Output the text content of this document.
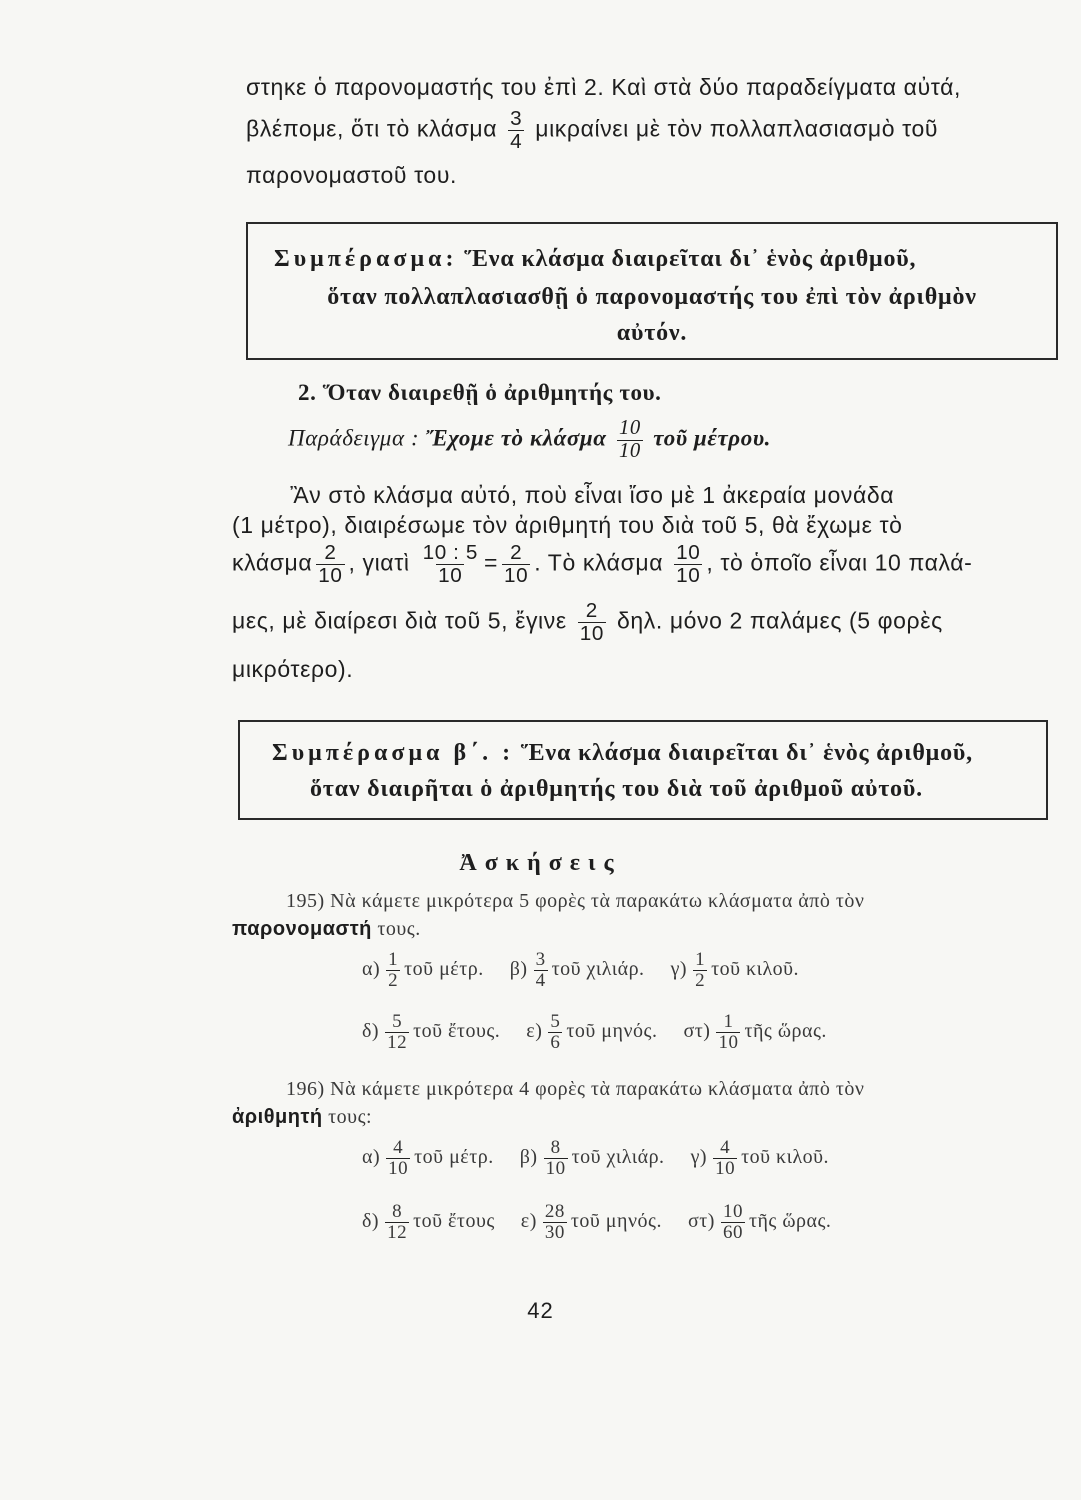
στηκε ὁ παρονομαστής του ἐπὶ 2. Καὶ στὰ δύο παραδείγματα αὐτά,
βλέπομε, ὅτι τὸ κλάσμα $\frac{3}{4}$ μικραίνει μὲ τὸν πολλαπλασιασμὸ τοῦ
παρονομαστοῦ του.
Συμπέρασμα: Ἕνα κλάσμα διαιρεῖται δι᾽ ἑνὸς ἀριθμοῦ,
ὅταν πολλαπλασιασθῇ ὁ παρονομαστής του ἐπὶ τὸν ἀριθμὸν
αὐτόν.
2. Ὅταν διαιρεθῇ ὁ ἀριθμητής του.
Παράδειγμα : Ἔχομε τὸ κλάσμα $\frac{10}{10}$ τοῦ μέτρου.
Ἂν στὸ κλάσμα αὐτό, ποὺ εἶναι ἴσο μὲ 1 ἀκεραία μονάδα
(1 μέτρο), διαιρέσωμε τὸν ἀριθμητή του διὰ τοῦ 5, θὰ ἔχωμε τὸ
κλάσμα $\frac{2}{10}$ , γιατὶ $\frac{10 : 5}{10} = \frac{2}{10}$ . Τὸ κλάσμα $\frac{10}{10}$ , τὸ ὁποῖο εἶναι 10 παλά-
μες, μὲ διαίρεσι διὰ τοῦ 5, ἔγινε $\frac{2}{10} \delta\eta\lambda$. μόνο 2 παλάμες (5 φορὲς
μικρότερο).
Συμπέρασμα β΄. : Ἕνα κλάσμα διαιρεῖται δι᾽ ἑνὸς ἀριθμοῦ,
ὅταν διαιρῆται ὁ ἀριθμητής του διὰ τοῦ ἀριθμοῦ αὐτοῦ.
Ἀσκήσεις
195) Νὰ κάμετε μικρότερα 5 φορὲς τὰ παρακάτω κλάσματα ἀπὸ τὸν
παρονομαστή τους.
$\alpha) \frac{1}{2}$ τοῦ μέτρ. $\beta) \frac{3}{4}$ τοῦ χιλιάρ. $\gamma) \frac{1}{2}$ τοῦ κιλοῦ.
$\delta) \frac{5}{12}$ τοῦ ἔτους. $\varepsilon) \frac{5}{6}$ τοῦ μηνός. $\sigma\tau) \frac{1}{10}$ τῆς ὥρας.
196) Νὰ κάμετε μικρότερα 4 φορὲς τὰ παρακάτω κλάσματα ἀπὸ τὸν
ἀριθμητή τους:
$\alpha) \frac{4}{10}$ τοῦ μέτρ. $\beta) \frac{8}{10}$ τοῦ χιλιάρ. $\gamma) \frac{4}{10}$ τοῦ κιλοῦ.
$\delta) \frac{8}{12}$ τοῦ ἔτους $\varepsilon) \frac{28}{30}$ τοῦ μηνός. $\sigma\tau) \frac{10}{60}$ τῆς ὥρας.
42
